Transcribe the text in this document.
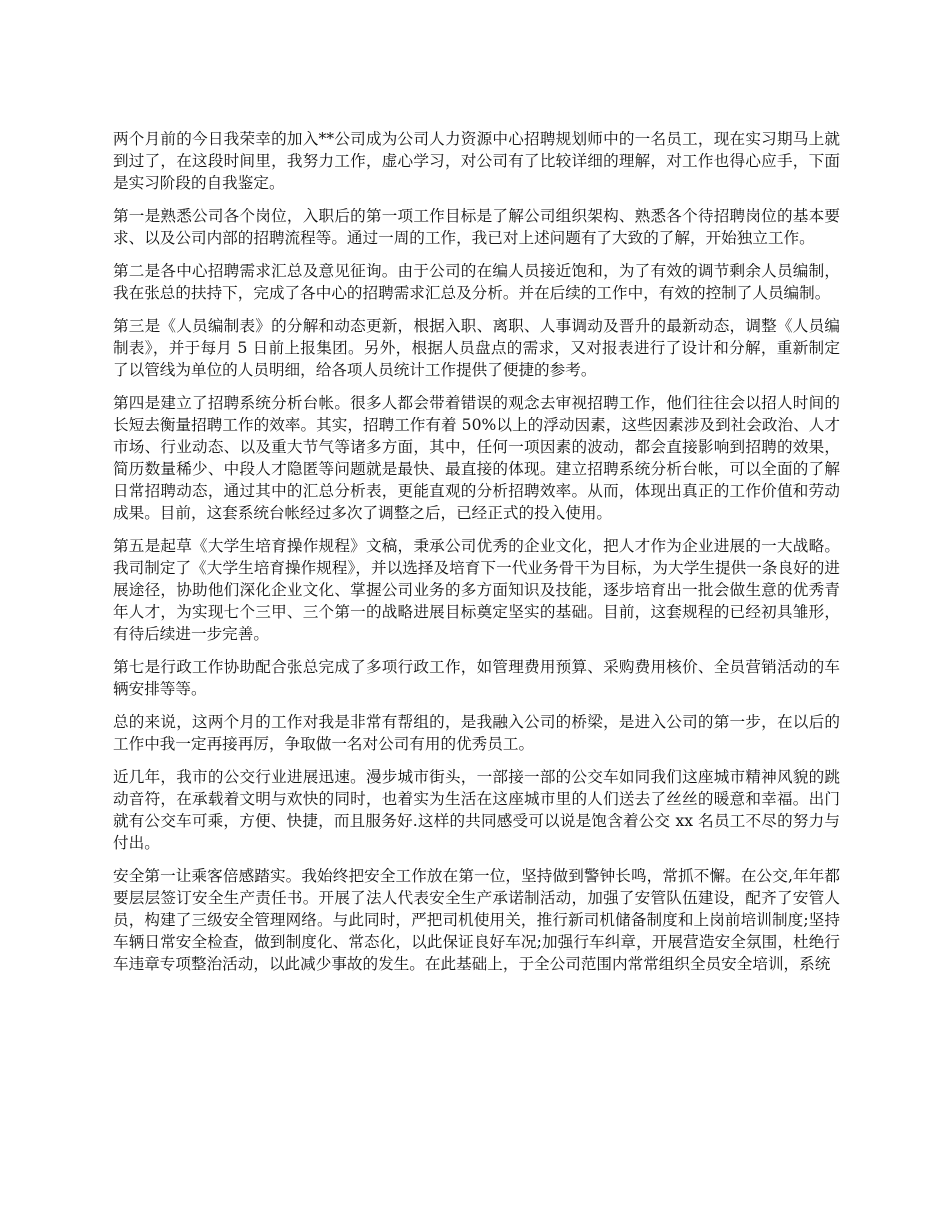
两个月前的今日我荣幸的加入**公司成为公司人力资源中心招聘规划师中的一名员工，现在实习期马上就到过了，在这段时间里，我努力工作，虚心学习，对公司有了比较详细的理解，对工作也得心应手，下面是实习阶段的自我鉴定。

第一是熟悉公司各个岗位，入职后的第一项工作目标是了解公司组织架构、熟悉各个待招聘岗位的基本要求、以及公司内部的招聘流程等。通过一周的工作，我已对上述问题有了大致的了解，开始独立工作。

第二是各中心招聘需求汇总及意见征询。由于公司的在编人员接近饱和，为了有效的调节剩余人员编制，我在张总的扶持下，完成了各中心的招聘需求汇总及分析。并在后续的工作中，有效的控制了人员编制。

第三是《人员编制表》的分解和动态更新，根据入职、离职、人事调动及晋升的最新动态，调整《人员编制表》，并于每月 5 日前上报集团。另外，根据人员盘点的需求，又对报表进行了设计和分解，重新制定了以管线为单位的人员明细，给各项人员统计工作提供了便捷的参考。

第四是建立了招聘系统分析台帐。很多人都会带着错误的观念去审视招聘工作，他们往往会以招人时间的长短去衡量招聘工作的效率。其实，招聘工作有着 50%以上的浮动因素，这些因素涉及到社会政治、人才市场、行业动态、以及重大节气等诸多方面，其中，任何一项因素的波动，都会直接影响到招聘的效果，简历数量稀少、中段人才隐匿等问题就是最快、最直接的体现。建立招聘系统分析台帐，可以全面的了解日常招聘动态，通过其中的汇总分析表，更能直观的分析招聘效率。从而，体现出真正的工作价值和劳动成果。目前，这套系统台帐经过多次了调整之后，已经正式的投入使用。

第五是起草《大学生培育操作规程》文稿，秉承公司优秀的企业文化，把人才作为企业进展的一大战略。我司制定了《大学生培育操作规程》，并以选择及培育下一代业务骨干为目标，为大学生提供一条良好的进展途径，协助他们深化企业文化、掌握公司业务的多方面知识及技能，逐步培育出一批会做生意的优秀青年人才，为实现七个三甲、三个第一的战略进展目标奠定坚实的基础。目前，这套规程的已经初具雏形，有待后续进一步完善。

第七是行政工作协助配合张总完成了多项行政工作，如管理费用预算、采购费用核价、全员营销活动的车辆安排等等。

总的来说，这两个月的工作对我是非常有帮组的，是我融入公司的桥梁，是进入公司的第一步，在以后的工作中我一定再接再厉，争取做一名对公司有用的优秀员工。

近几年，我市的公交行业进展迅速。漫步城市街头，一部接一部的公交车如同我们这座城市精神风貌的跳动音符，在承载着文明与欢快的同时，也着实为生活在这座城市里的人们送去了丝丝的暖意和幸福。出门就有公交车可乘，方便、快捷，而且服务好.这样的共同感受可以说是饱含着公交 xx 名员工不尽的努力与付出。

安全第一让乘客倍感踏实。我始终把安全工作放在第一位，坚持做到警钟长鸣，常抓不懈。在公交,年年都要层层签订安全生产责任书。开展了法人代表安全生产承诺制活动，加强了安管队伍建设，配齐了安管人员，构建了三级安全管理网络。与此同时，严把司机使用关，推行新司机储备制度和上岗前培训制度;坚持车辆日常安全检查，做到制度化、常态化，以此保证良好车况;加强行车纠章，开展营造安全氛围，杜绝行车违章专项整治活动，以此减少事故的发生。在此基础上，于全公司范围内常常组织全员安全培训，系统
